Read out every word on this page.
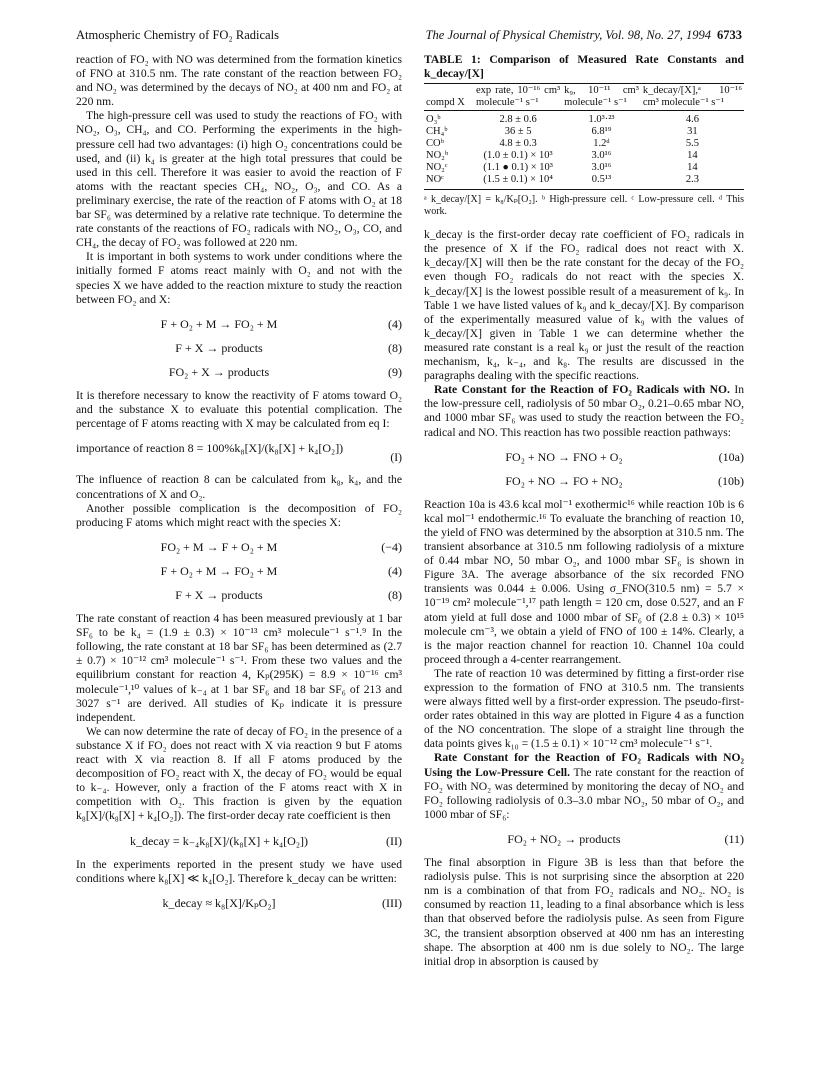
Atmospheric Chemistry of FO₂ Radicals	The Journal of Physical Chemistry, Vol. 98, No. 27, 1994 6733

reaction of FO₂ with NO was determined from the formation kinetics of FNO at 310.5 nm. The rate constant of the reaction between FO₂ and NO₂ was determined by the decays of NO₂ at 400 nm and FO₂ at 220 nm.

The high-pressure cell was used to study the reactions of FO₂ with NO₂, O₃, CH₄, and CO. Performing the experiments in the high-pressure cell had two advantages: (i) high O₂ concentrations could be used, and (ii) k₄ is greater at the high total pressures that could be used in this cell. Therefore it was easier to avoid the reaction of F atoms with the reactant species CH₄, NO₂, O₃, and CO. As a preliminary exercise, the rate of the reaction of F atoms with O₂ at 18 bar SF₆ was determined by a relative rate technique. To determine the rate constants of the reactions of FO₂ radicals with NO₂, O₃, CO, and CH₄, the decay of FO₂ was followed at 220 nm.

It is important in both systems to work under conditions where the initially formed F atoms react mainly with O₂ and not with the species X we have added to the reaction mixture to study the reaction between FO₂ and X:

F + O₂ + M → FO₂ + M	(4)
F + X → products	(8)
FO₂ + X → products	(9)

It is therefore necessary to know the reactivity of F atoms toward O₂ and the substance X to evaluate this potential complication. The percentage of F atoms reacting with X may be calculated from eq I:

importance of reaction 8 = 100%k₈[X]/(k₈[X] + k₄[O₂])
(I)

The influence of reaction 8 can be calculated from k₈, k₄, and the concentrations of X and O₂.

Another possible complication is the decomposition of FO₂ producing F atoms which might react with the species X:

FO₂ + M → F + O₂ + M	(−4)
F + O₂ + M → FO₂ + M	(4)
F + X → products	(8)

The rate constant of reaction 4 has been measured previously at 1 bar SF₆ to be k₄ = (1.9 ± 0.3) × 10⁻¹³ cm³ molecule⁻¹ s⁻¹.⁹ In the following, the rate constant at 18 bar SF₆ has been determined as (2.7 ± 0.7) × 10⁻¹² cm³ molecule⁻¹ s⁻¹. From these two values and the equilibrium constant for reaction 4, Kₚ(295K) = 8.9 × 10⁻¹⁶ cm³ molecule⁻¹,¹⁰ values of k₋₄ at 1 bar SF₆ and 18 bar SF₆ of 213 and 3027 s⁻¹ are derived. All studies of Kₚ indicate it is pressure independent.

We can now determine the rate of decay of FO₂ in the presence of a substance X if FO₂ does not react with X via reaction 9 but F atoms react with X via reaction 8. If all F atoms produced by the decomposition of FO₂ react with X, the decay of FO₂ would be equal to k₋₄. However, only a fraction of the F atoms react with X in competition with O₂. This fraction is given by the equation k₈[X]/(k₈[X] + k₄[O₂]). The first-order decay rate coefficient is then

k_decay = k₋₄k₈[X]/(k₈[X] + k₄[O₂])	(II)

In the experiments reported in the present study we have used conditions where k₈[X] ≪ k₄[O₂]. Therefore k_decay can be written:

k_decay ≈ k₈[X]/KₚO₂]	(III)
TABLE 1: Comparison of Measured Rate Constants and k_decay/[X]
compd X	exp rate, 10⁻¹⁶ cm³ molecule⁻¹ s⁻¹	k₉, 10⁻¹¹ cm³ molecule⁻¹ s⁻¹	k_decay/[X],ᵃ 10⁻¹⁶ cm³ molecule⁻¹ s⁻¹
O₃ᵇ	2.8 ± 0.6	1.0³·²³	4.6
CH₄ᵇ	36 ± 5	6.8¹⁹	31
COᵇ	4.8 ± 0.3	1.2ᵈ	5.5
NO₂ᵇ	(1.0 ± 0.1) × 10³	3.0¹⁶	14
NO₂ᶜ	(1.1 ● 0.1) × 10³	3.0¹⁶	14
NOᶜ	(1.5 ± 0.1) × 10⁴	0.5¹³	2.3
ᵃ k_decay/[X] = k₈/Kₚ[O₂]. ᵇ High-pressure cell. ᶜ Low-pressure cell. ᵈ This work.

k_decay is the first-order decay rate coefficient of FO₂ radicals in the presence of X if the FO₂ radical does not react with X. k_decay/[X] will then be the rate constant for the decay of the FO₂ even though FO₂ radicals do not react with the species X. k_decay/[X] is the lowest possible result of a measurement of k₉. In Table 1 we have listed values of k₉ and k_decay/[X]. By comparison of the experimentally measured value of k₉ with the values of k_decay/[X] given in Table 1 we can determine whether the measured rate constant is a real k₉ or just the result of the reaction mechanism, k₄, k₋₄, and k₈. The results are discussed in the paragraphs dealing with the specific reactions.

Rate Constant for the Reaction of FO₂ Radicals with NO. In the low-pressure cell, radiolysis of 50 mbar O₂, 0.21–0.65 mbar NO, and 1000 mbar SF₆ was used to study the reaction between the FO₂ radical and NO. This reaction has two possible reaction pathways:

FO₂ + NO → FNO + O₂	(10a)
FO₂ + NO → FO + NO₂	(10b)

Reaction 10a is 43.6 kcal mol⁻¹ exothermic¹⁶ while reaction 10b is 6 kcal mol⁻¹ endothermic.¹⁶ To evaluate the branching of reaction 10, the yield of FNO was determined by the absorption at 310.5 nm. The transient absorbance at 310.5 nm following radiolysis of a mixture of 0.44 mbar NO, 50 mbar O₂, and 1000 mbar SF₆ is shown in Figure 3A. The average absorbance of the six recorded FNO transients was 0.044 ± 0.006. Using σ_FNO(310.5 nm) = 5.7 × 10⁻¹⁹ cm² molecule⁻¹,¹⁷ path length = 120 cm, dose 0.527, and an F atom yield at full dose and 1000 mbar of SF₆ of (2.8 ± 0.3) × 10¹⁵ molecule cm⁻³, we obtain a yield of FNO of 100 ± 14%. Clearly, a is the major reaction channel for reaction 10. Channel 10a could proceed through a 4-center rearrangement.

The rate of reaction 10 was determined by fitting a first-order rise expression to the formation of FNO at 310.5 nm. The transients were always fitted well by a first-order expression. The pseudo-first-order rates obtained in this way are plotted in Figure 4 as a function of the NO concentration. The slope of a straight line through the data points gives k₁₀ = (1.5 ± 0.1) × 10⁻¹² cm³ molecule⁻¹ s⁻¹.

Rate Constant for the Reaction of FO₂ Radicals with NO₂ Using the Low-Pressure Cell. The rate constant for the reaction of FO₂ with NO₂ was determined by monitoring the decay of NO₂ and FO₂ following radiolysis of 0.3–3.0 mbar NO₂, 50 mbar of O₂, and 1000 mbar of SF₆:

FO₂ + NO₂ → products	(11)

The final absorption in Figure 3B is less than that before the radiolysis pulse. This is not surprising since the absorption at 220 nm is a combination of that from FO₂ radicals and NO₂. NO₂ is consumed by reaction 11, leading to a final absorbance which is less than that observed before the radiolysis pulse. As seen from Figure 3C, the transient absorption observed at 400 nm has an interesting shape. The absorption at 400 nm is due solely to NO₂. The large initial drop in absorption is caused by
